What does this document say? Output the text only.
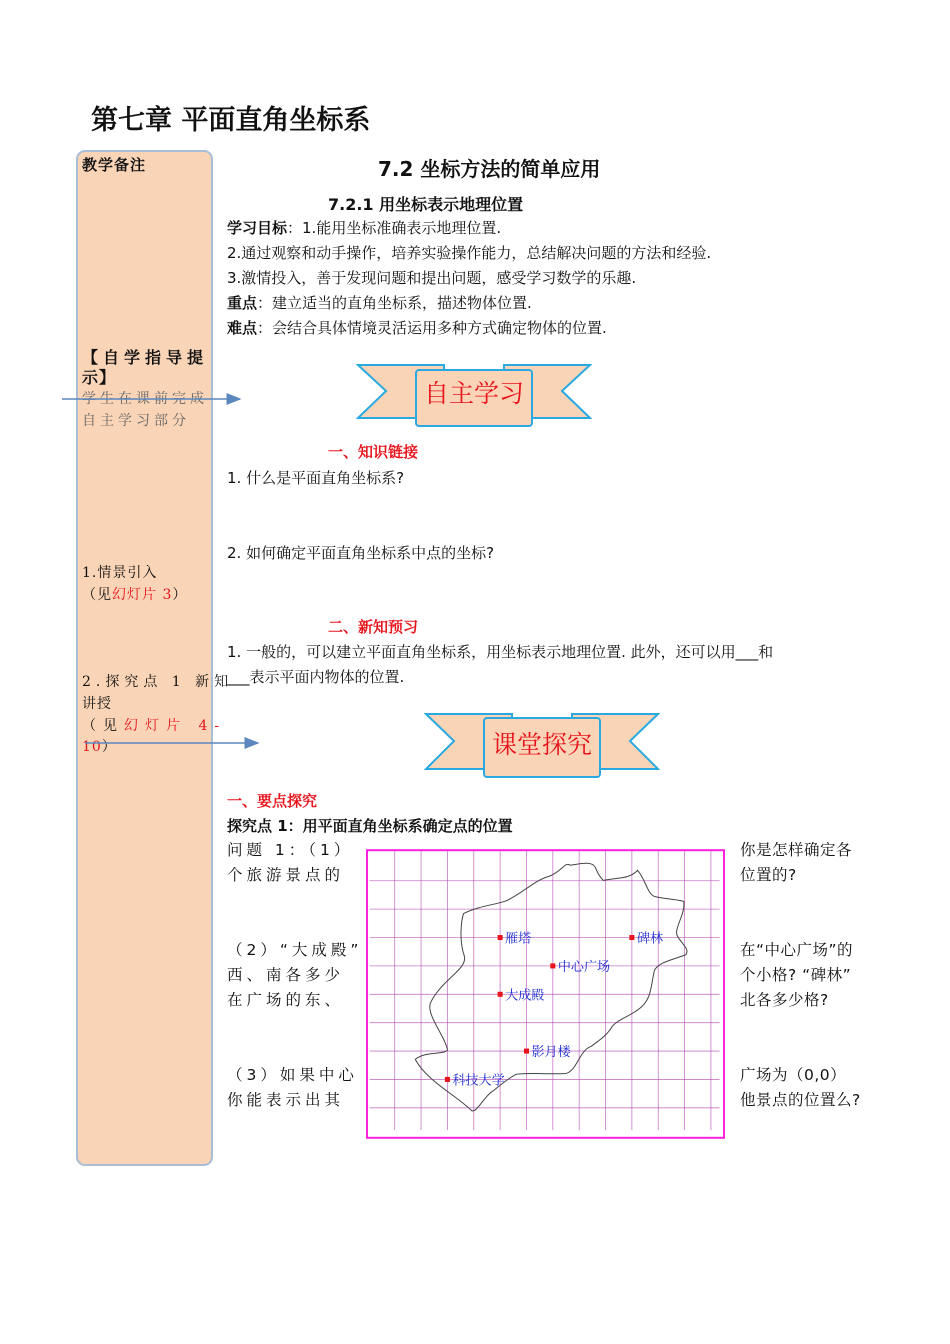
第七章 平面直角坐标系
教学备注
【自学指导提
示】
学生在课前完成
自主学习部分
1.情景引入
（见幻灯片 3）
2.探究点 1 新知
讲授
（见幻灯片 4-
10）
7.2 坐标方法的简单应用
7.2.1 用坐标表示地理位置
学习目标：1.能用坐标准确表示地理位置.
2.通过观察和动手操作，培养实验操作能力，总结解决问题的方法和经验.
3.激情投入，善于发现问题和提出问题，感受学习数学的乐趣.
重点：建立适当的直角坐标系，描述物体位置.
难点：会结合具体情境灵活运用多种方式确定物体的位置.
自主学习
一、知识链接
1. 什么是平面直角坐标系?
2. 如何确定平面直角坐标系中点的坐标?
二、新知预习
1. 一般的，可以建立平面直角坐标系，用坐标表示地理位置. 此外，还可以用___和
___表示平面内物体的位置.
课堂探究
一、要点探究
探究点 1：用平面直角坐标系确定点的位置
问题 1：（1）
个旅游景点的
（2）“大成殿”
西、南各多少
在广场的东、
（3）如果中心
你能表示出其
你是怎样确定各
位置的?
在“中心广场”的
个小格? “碑林”
北各多少格?
广场为（0,0）
他景点的位置么?
雁塔	碑林
中心广场
大成殿
影月楼
科技大学
